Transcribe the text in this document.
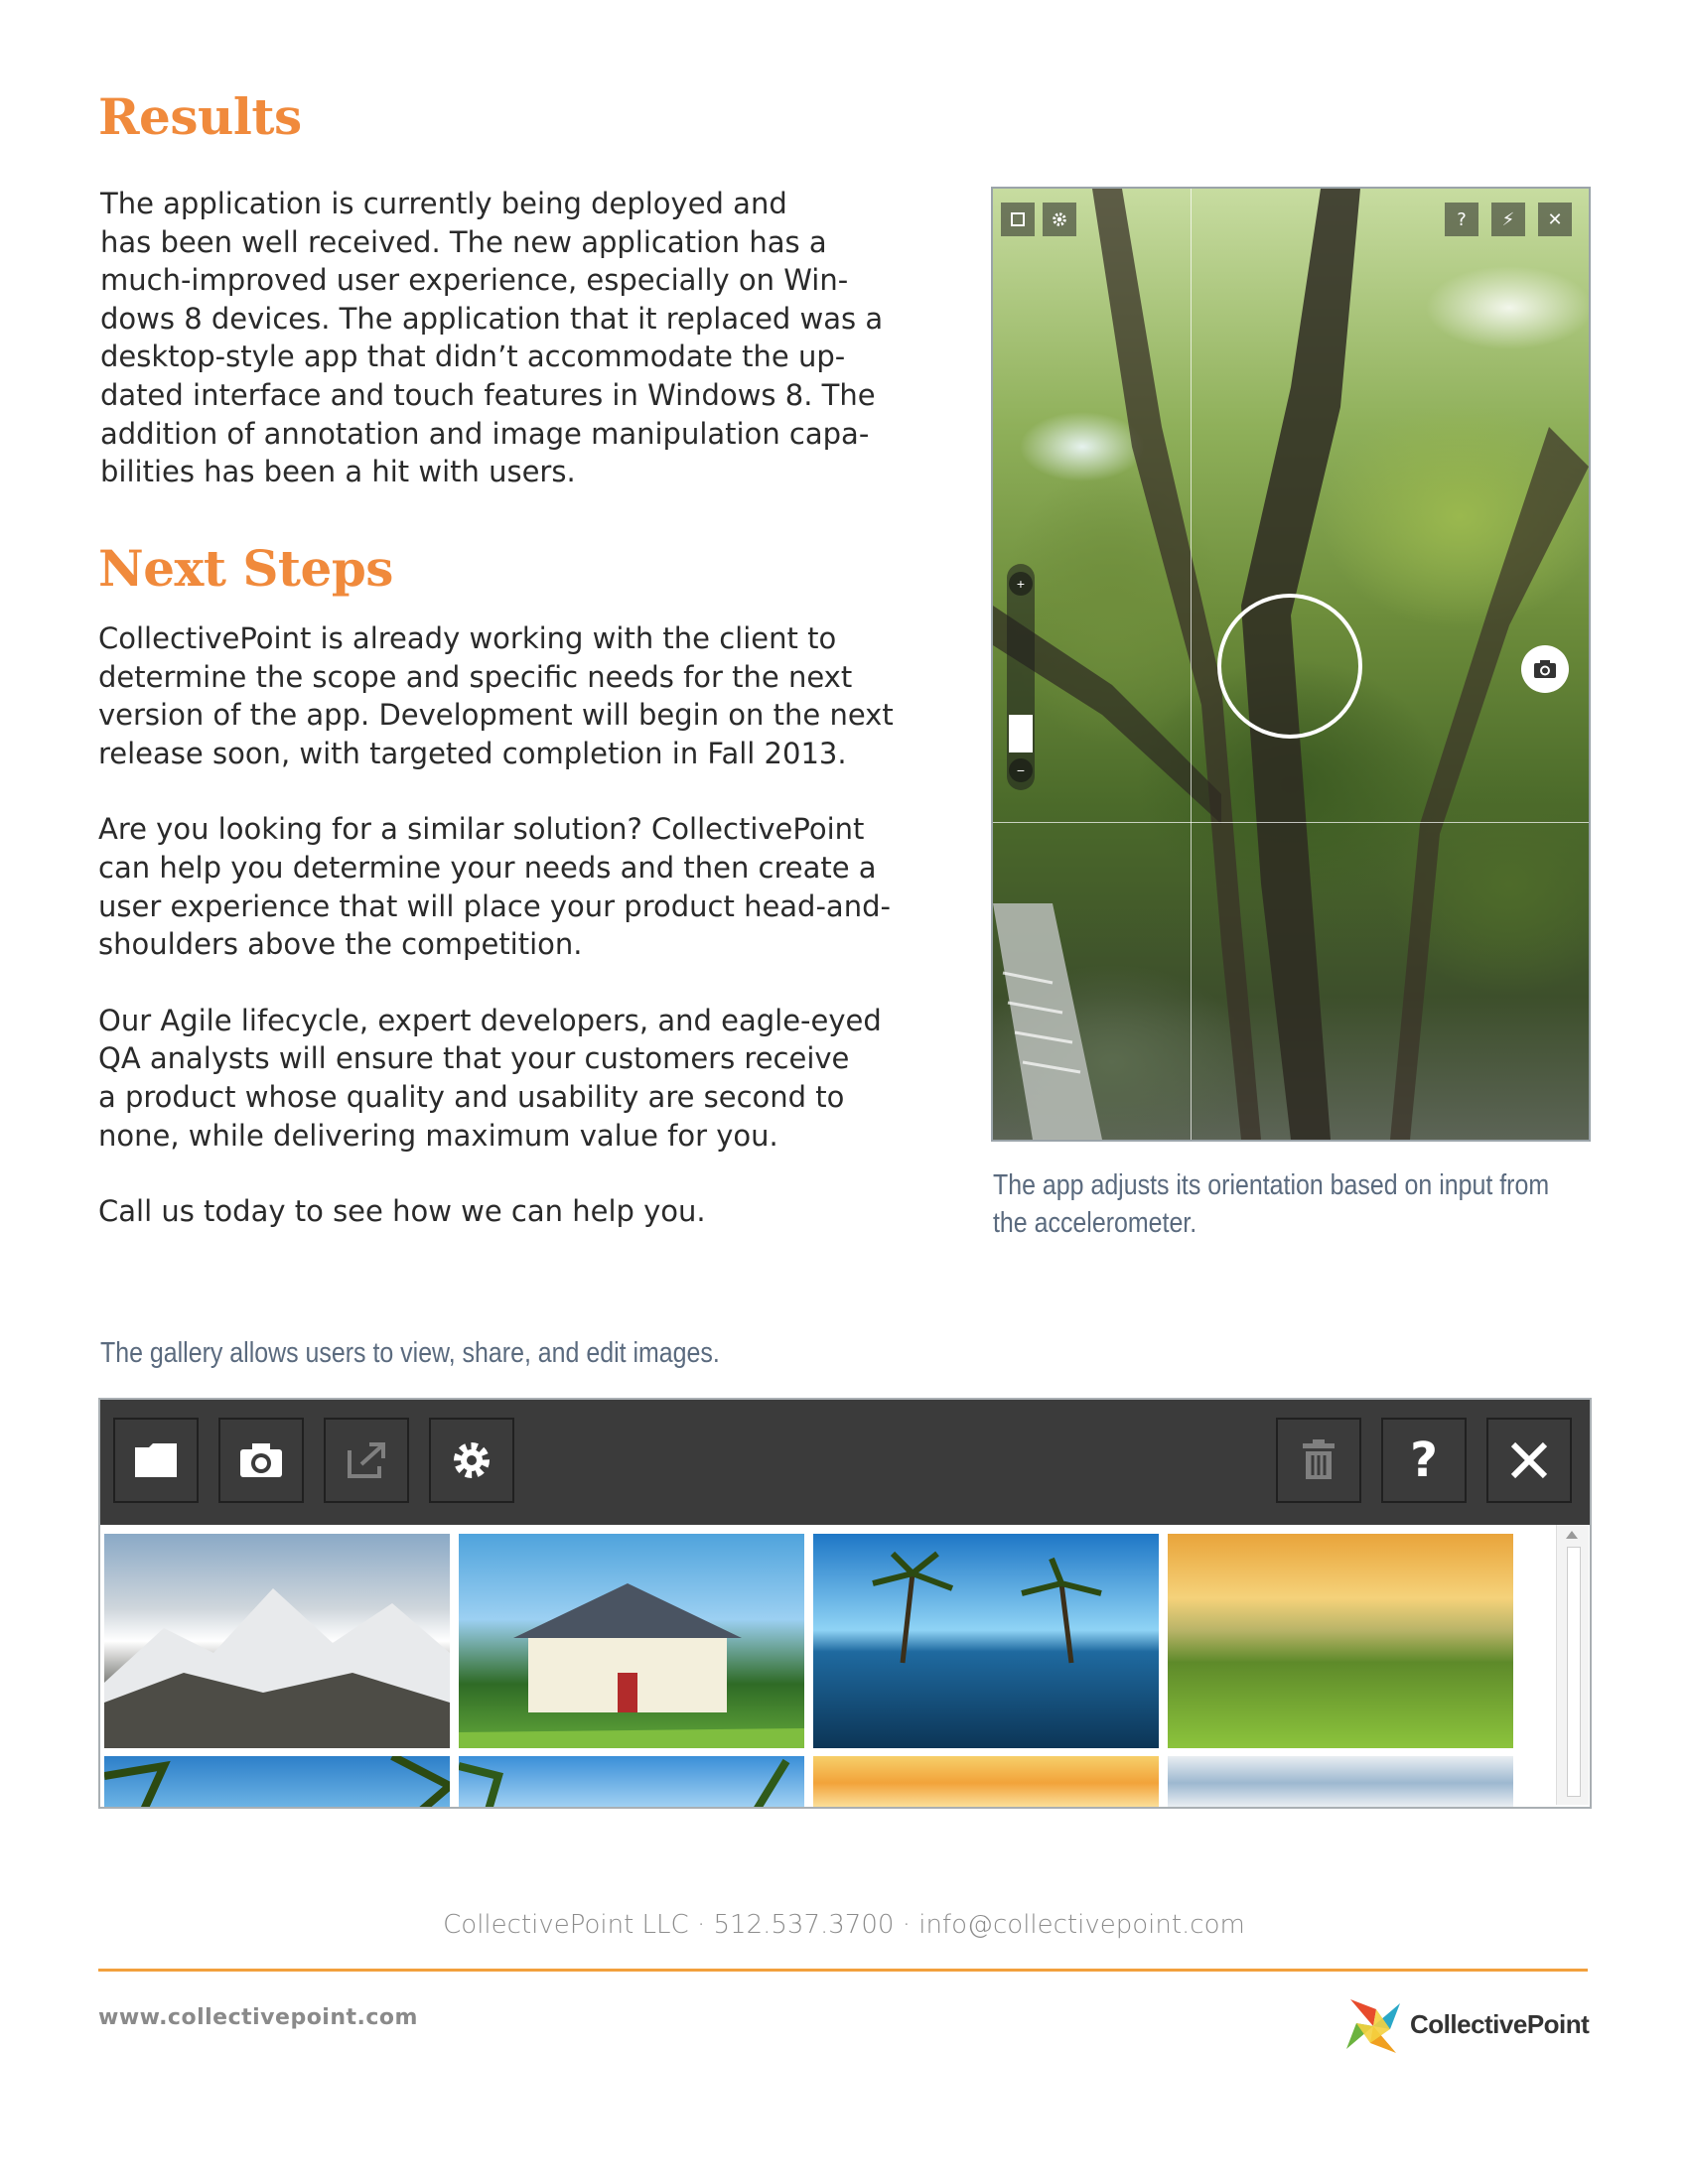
Results

The application is currently being deployed and

has been well received. The new application has a

much-improved user experience, especially on Win-

dows 8 devices. The application that it replaced was a

desktop-style app that didn’t accommodate the up-

dated interface and touch features in Windows 8. The

addition of annotation and image manipulation capa-

bilities has been a hit with users.

Next Steps

CollectivePoint is already working with the client to

determine the scope and specific needs for the next

version of the app. Development will begin on the next

release soon, with targeted completion in Fall 2013.

Are you looking for a similar solution? CollectivePoint

can help you determine your needs and then create a

user experience that will place your product head-and-

shoulders above the competition.

Our Agile lifecycle, expert developers, and eagle-eyed

QA analysts will ensure that your customers receive

a product whose quality and usability are second to

none, while delivering maximum value for you.

Call us today to see how we can help you.

?	⚡	✕
+
−

The app adjusts its orientation based on input from

the accelerometer.

The gallery allows users to view, share, and edit images.

?
CollectivePoint LLC · 512.537.3700 · info@collectivepoint.com
www.collectivepoint.com	CollectivePoint
